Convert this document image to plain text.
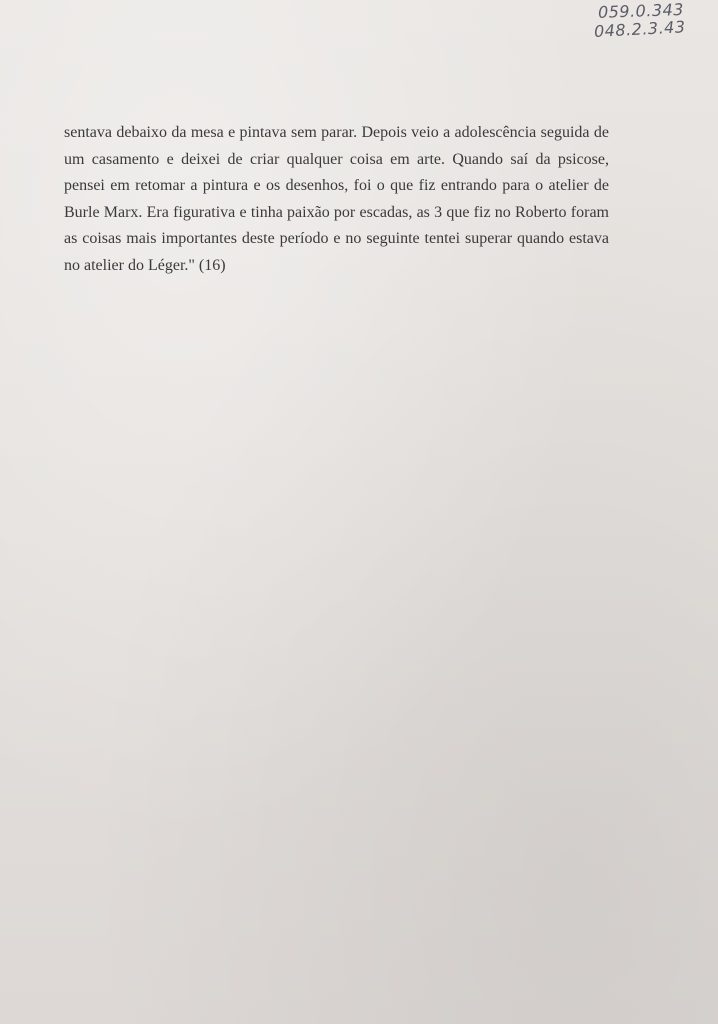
059.0.343
048.2.3.43

sentava debaixo da mesa e pintava sem parar. Depois veio a adolescência seguida de um casamento e deixei de criar qualquer coisa em arte. Quando saí da psicose, pensei em retomar a pintura e os desenhos, foi o que fiz entrando para o atelier de Burle Marx. Era figurativa e tinha paixão por escadas, as 3 que fiz no Roberto foram as coisas mais importantes deste período e no seguinte tentei superar quando estava no atelier do Léger." (16)
